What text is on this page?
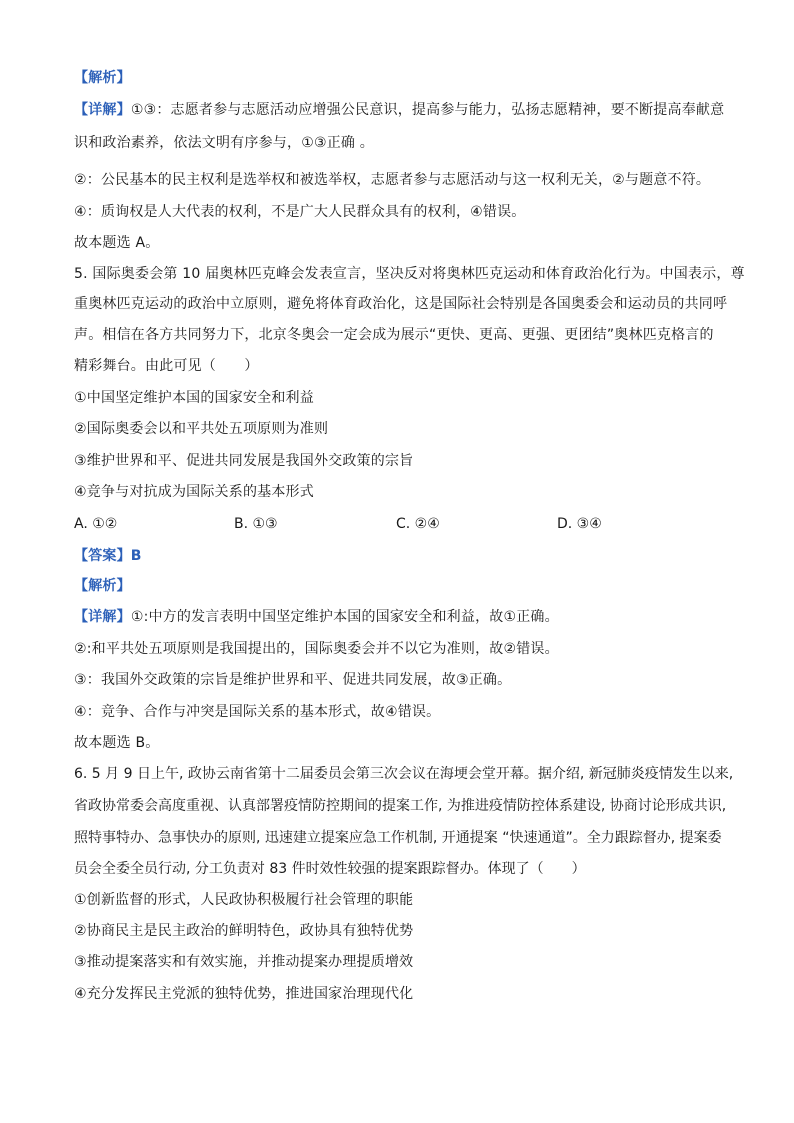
【解析】
【详解】①③：志愿者参与志愿活动应增强公民意识，提高参与能力，弘扬志愿精神，要不断提高奉献意
识和政治素养，依法文明有序参与，①③正确 。
②：公民基本的民主权利是选举权和被选举权，志愿者参与志愿活动与这一权利无关，②与题意不符。
④：质询权是人大代表的权利，不是广大人民群众具有的权利，④错误。
故本题选 A。
5. 国际奥委会第 10 届奥林匹克峰会发表宣言，坚决反对将奥林匹克运动和体育政治化行为。中国表示，尊
重奥林匹克运动的政治中立原则，避免将体育政治化，这是国际社会特别是各国奥委会和运动员的共同呼
声。相信在各方共同努力下，北京冬奥会一定会成为展示“更快、更高、更强、更团结”奥林匹克格言的
精彩舞台。由此可见（　　）
①中国坚定维护本国的国家安全和利益
②国际奥委会以和平共处五项原则为准则
③维护世界和平、促进共同发展是我国外交政策的宗旨
④竞争与对抗成为国际关系的基本形式
A. ①②	B. ①③	C. ②④	D. ③④
【答案】B
【解析】
【详解】①:中方的发言表明中国坚定维护本国的国家安全和利益，故①正确。
②:和平共处五项原则是我国提出的，国际奥委会并不以它为准则，故②错误。
③：我国外交政策的宗旨是维护世界和平、促进共同发展，故③正确。
④：竞争、合作与冲突是国际关系的基本形式，故④错误。
故本题选 B。
6. 5 月 9 日上午, 政协云南省第十二届委员会第三次会议在海埂会堂开幕。据介绍, 新冠肺炎疫情发生以来,
省政协常委会高度重视、认真部署疫情防控期间的提案工作, 为推进疫情防控体系建设, 协商讨论形成共识,
照特事特办、急事快办的原则, 迅速建立提案应急工作机制, 开通提案 “快速通道”。全力跟踪督办, 提案委
员会全委全员行动, 分工负责对 83 件时效性较强的提案跟踪督办。体现了（　　）
①创新监督的形式，人民政协积极履行社会管理的职能
②协商民主是民主政治的鲜明特色，政协具有独特优势
③推动提案落实和有效实施，并推动提案办理提质增效
④充分发挥民主党派的独特优势，推进国家治理现代化
